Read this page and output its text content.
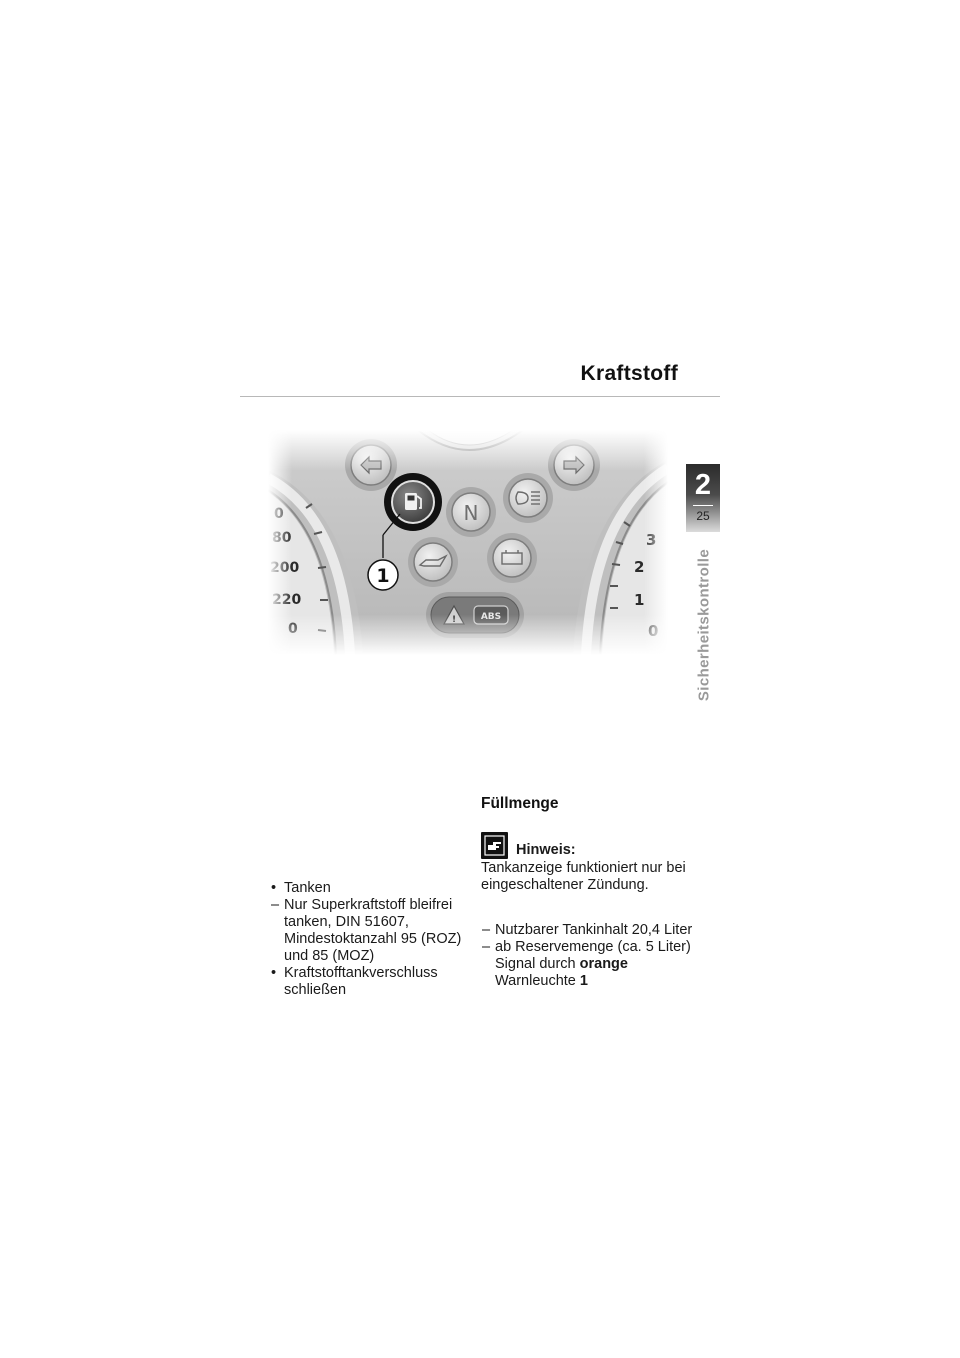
Kraftstoff
2
25
Sicherheitskontrolle
• Tanken
– Nur Superkraftstoff bleifrei tanken, DIN 51607, Mindestoktanzahl 95 (ROZ) und 85 (MOZ)
• Kraftstofftankverschluss schließen
Füllmenge
Hinweis:

Tankanzeige funktioniert nur bei eingeschaltener Zündung.

– Nutzbarer Tankinhalt 20,4 Liter
– ab Reservemenge (ca. 5 Liter) Signal durch orange Warnleuchte 1
